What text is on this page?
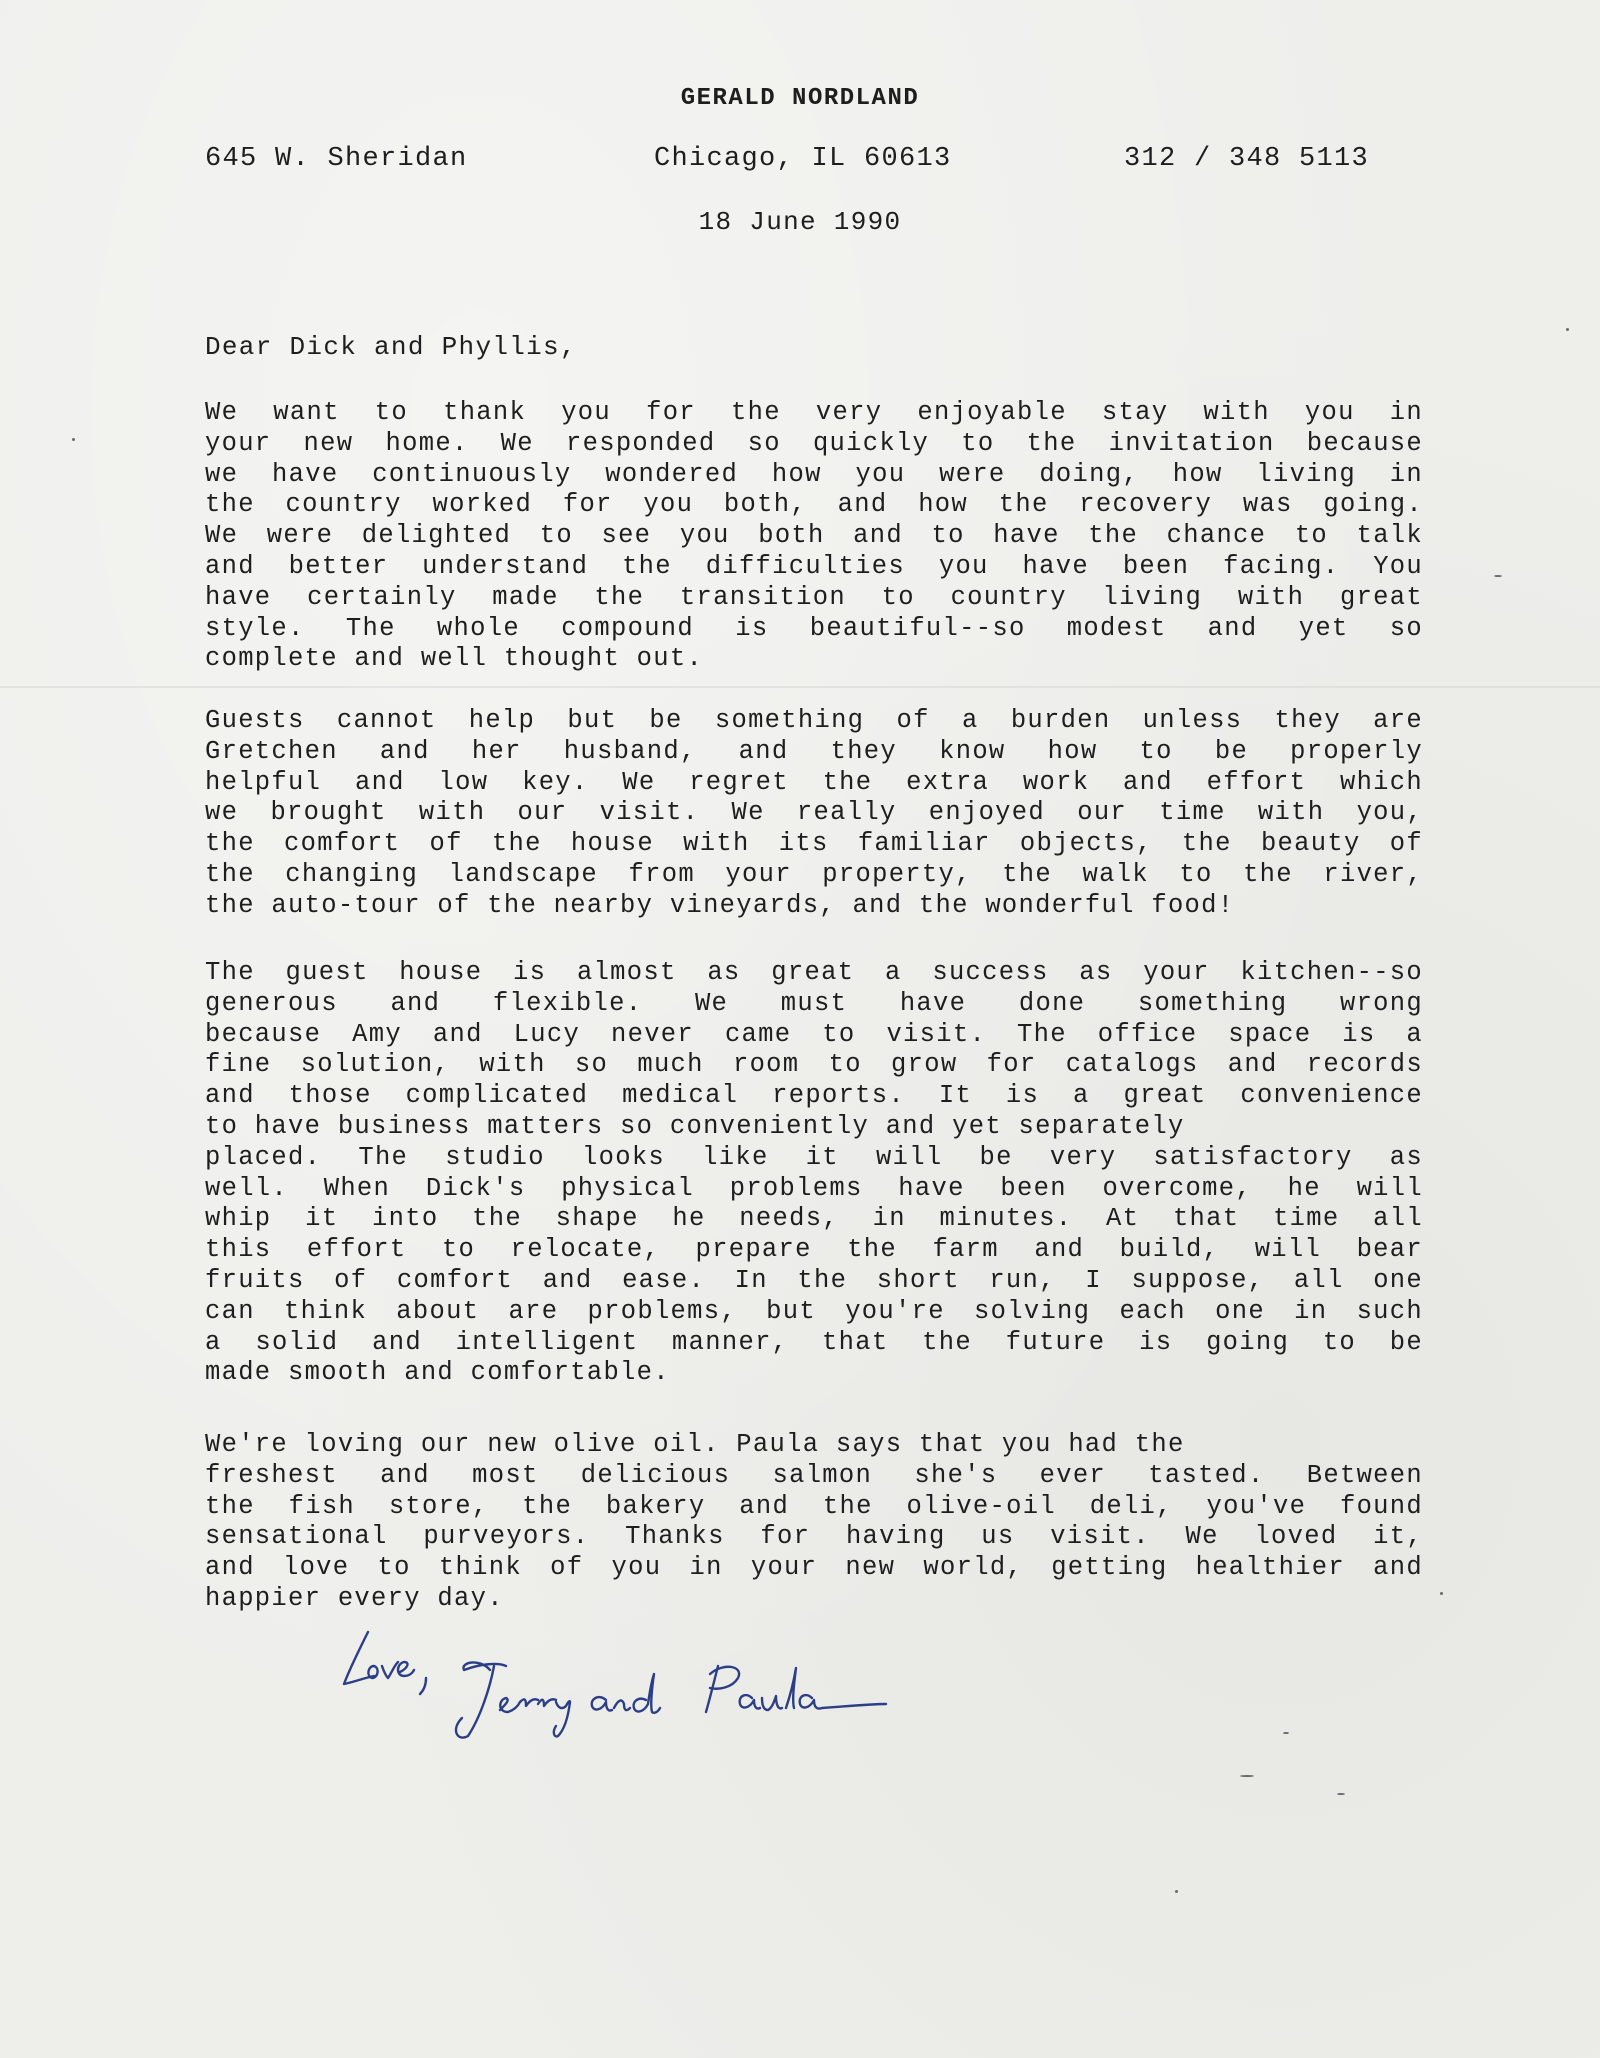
GERALD NORDLAND
645 W. Sheridan	Chicago, IL 60613	312 / 348 5113
18 June 1990
Dear Dick and Phyllis,
We want to thank you for the very enjoyable stay with you in
your new home. We responded so quickly to the invitation because
we have continuously wondered how you were doing, how living in
the country worked for you both, and how the recovery was going.
We were delighted to see you both and to have the chance to talk
and better understand the difficulties you have been facing. You
have certainly made the transition to country living with great
style. The whole compound is beautiful--so modest and yet so
complete and well thought out.
Guests cannot help but be something of a burden unless they are
Gretchen and her husband, and they know how to be properly
helpful and low key. We regret the extra work and effort which
we brought with our visit. We really enjoyed our time with you,
the comfort of the house with its familiar objects, the beauty of
the changing landscape from your property, the walk to the river,
the auto-tour of the nearby vineyards, and the wonderful food!
The guest house is almost as great a success as your kitchen--so
generous and flexible. We must have done something wrong
because Amy and Lucy never came to visit. The office space is a
fine solution, with so much room to grow for catalogs and records
and those complicated medical reports. It is a great convenience
to have business matters so conveniently and yet separately
placed. The studio looks like it will be very satisfactory as
well. When Dick's physical problems have been overcome, he will
whip it into the shape he needs, in minutes. At that time all
this effort to relocate, prepare the farm and build, will bear
fruits of comfort and ease. In the short run, I suppose, all one
can think about are problems, but you're solving each one in such
a solid and intelligent manner, that the future is going to be
made smooth and comfortable.
We're loving our new olive oil. Paula says that you had the
freshest and most delicious salmon she's ever tasted. Between
the fish store, the bakery and the olive-oil deli, you've found
sensational purveyors. Thanks for having us visit. We loved it,
and love to think of you in your new world, getting healthier and
happier every day.
